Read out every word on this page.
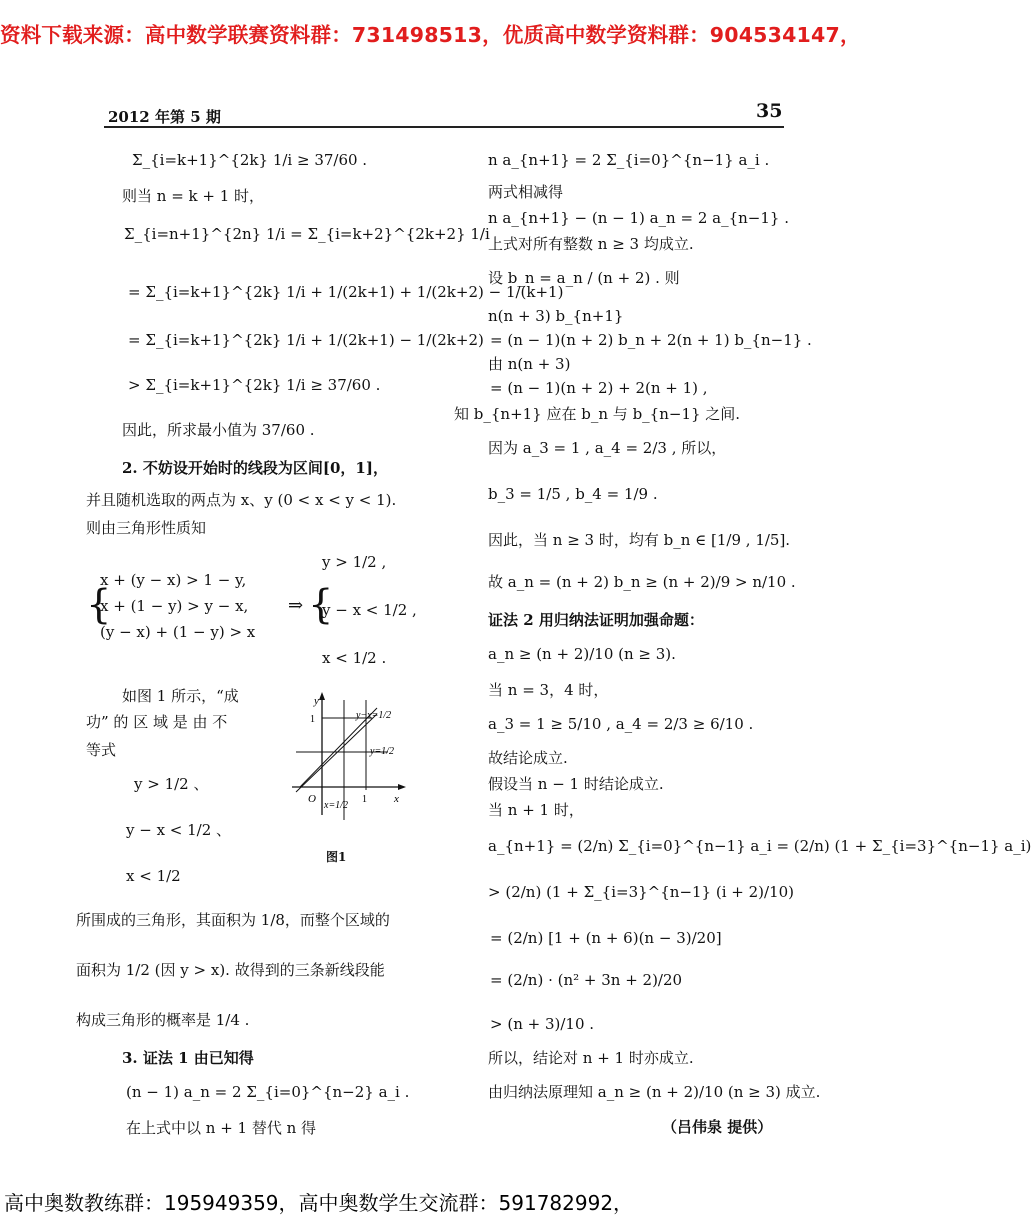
资料下载来源：高中数学联赛资料群：731498513，优质高中数学资料群：904534147，
2012 年第 5 期	35
Σ_{i=k+1}^{2k} 1/i ≥ 37/60 .
则当 n = k + 1 时，
Σ_{i=n+1}^{2n} 1/i = Σ_{i=k+2}^{2k+2} 1/i
= Σ_{i=k+1}^{2k} 1/i + 1/(2k+1) + 1/(2k+2) − 1/(k+1)
= Σ_{i=k+1}^{2k} 1/i + 1/(2k+1) − 1/(2k+2)
> Σ_{i=k+1}^{2k} 1/i ≥ 37/60 .
因此，所求最小值为 37/60 .
2. 不妨设开始时的线段为区间[0，1]，
并且随机选取的两点为 x、y (0 < x < y < 1).
则由三角形性质知
{
x + (y − x) > 1 − y,
x + (1 − y) > y − x,
(y − x) + (1 − y) > x
⇒ {
y > 1/2 ,
y − x < 1/2 ,
x < 1/2 .
如图 1 所示，“成
功” 的 区 域 是 由 不
等式
y > 1/2 、
y − x < 1/2 、
x < 1/2
所围成的三角形，其面积为 1/8，而整个区域的
面积为 1/2 (因 y > x). 故得到的三条新线段能
构成三角形的概率是 1/4 .
3. 证法 1 由已知得
(n − 1) a_n = 2 Σ_{i=0}^{n−2} a_i .
在上式中以 n + 1 替代 n 得
y
x
O	1
1	y−x=1/2
y=1/2
x=1/2
图1
n a_{n+1} = 2 Σ_{i=0}^{n−1} a_i .
两式相减得
n a_{n+1} − (n − 1) a_n = 2 a_{n−1} .
上式对所有整数 n ≥ 3 均成立.
设 b_n = a_n / (n + 2) . 则
n(n + 3) b_{n+1}
= (n − 1)(n + 2) b_n + 2(n + 1) b_{n−1} .
由 n(n + 3)
= (n − 1)(n + 2) + 2(n + 1) ,
知 b_{n+1} 应在 b_n 与 b_{n−1} 之间.
因为 a_3 = 1 , a_4 = 2/3 , 所以，
b_3 = 1/5 , b_4 = 1/9 .
因此，当 n ≥ 3 时，均有 b_n ∈ [1/9 , 1/5].
故 a_n = (n + 2) b_n ≥ (n + 2)/9 > n/10 .
证法 2 用归纳法证明加强命题：
a_n ≥ (n + 2)/10 (n ≥ 3).
当 n = 3，4 时，
a_3 = 1 ≥ 5/10 , a_4 = 2/3 ≥ 6/10 .
故结论成立.
假设当 n − 1 时结论成立.
当 n + 1 时，
a_{n+1} = (2/n) Σ_{i=0}^{n−1} a_i = (2/n) (1 + Σ_{i=3}^{n−1} a_i)
> (2/n) (1 + Σ_{i=3}^{n−1} (i + 2)/10)
= (2/n) [1 + (n + 6)(n − 3)/20]
= (2/n) · (n² + 3n + 2)/20
> (n + 3)/10 .
所以，结论对 n + 1 时亦成立.
由归纳法原理知 a_n ≥ (n + 2)/10 (n ≥ 3) 成立.
（吕伟泉 提供）
高中奥数教练群：195949359，高中奥数学生交流群：591782992，
